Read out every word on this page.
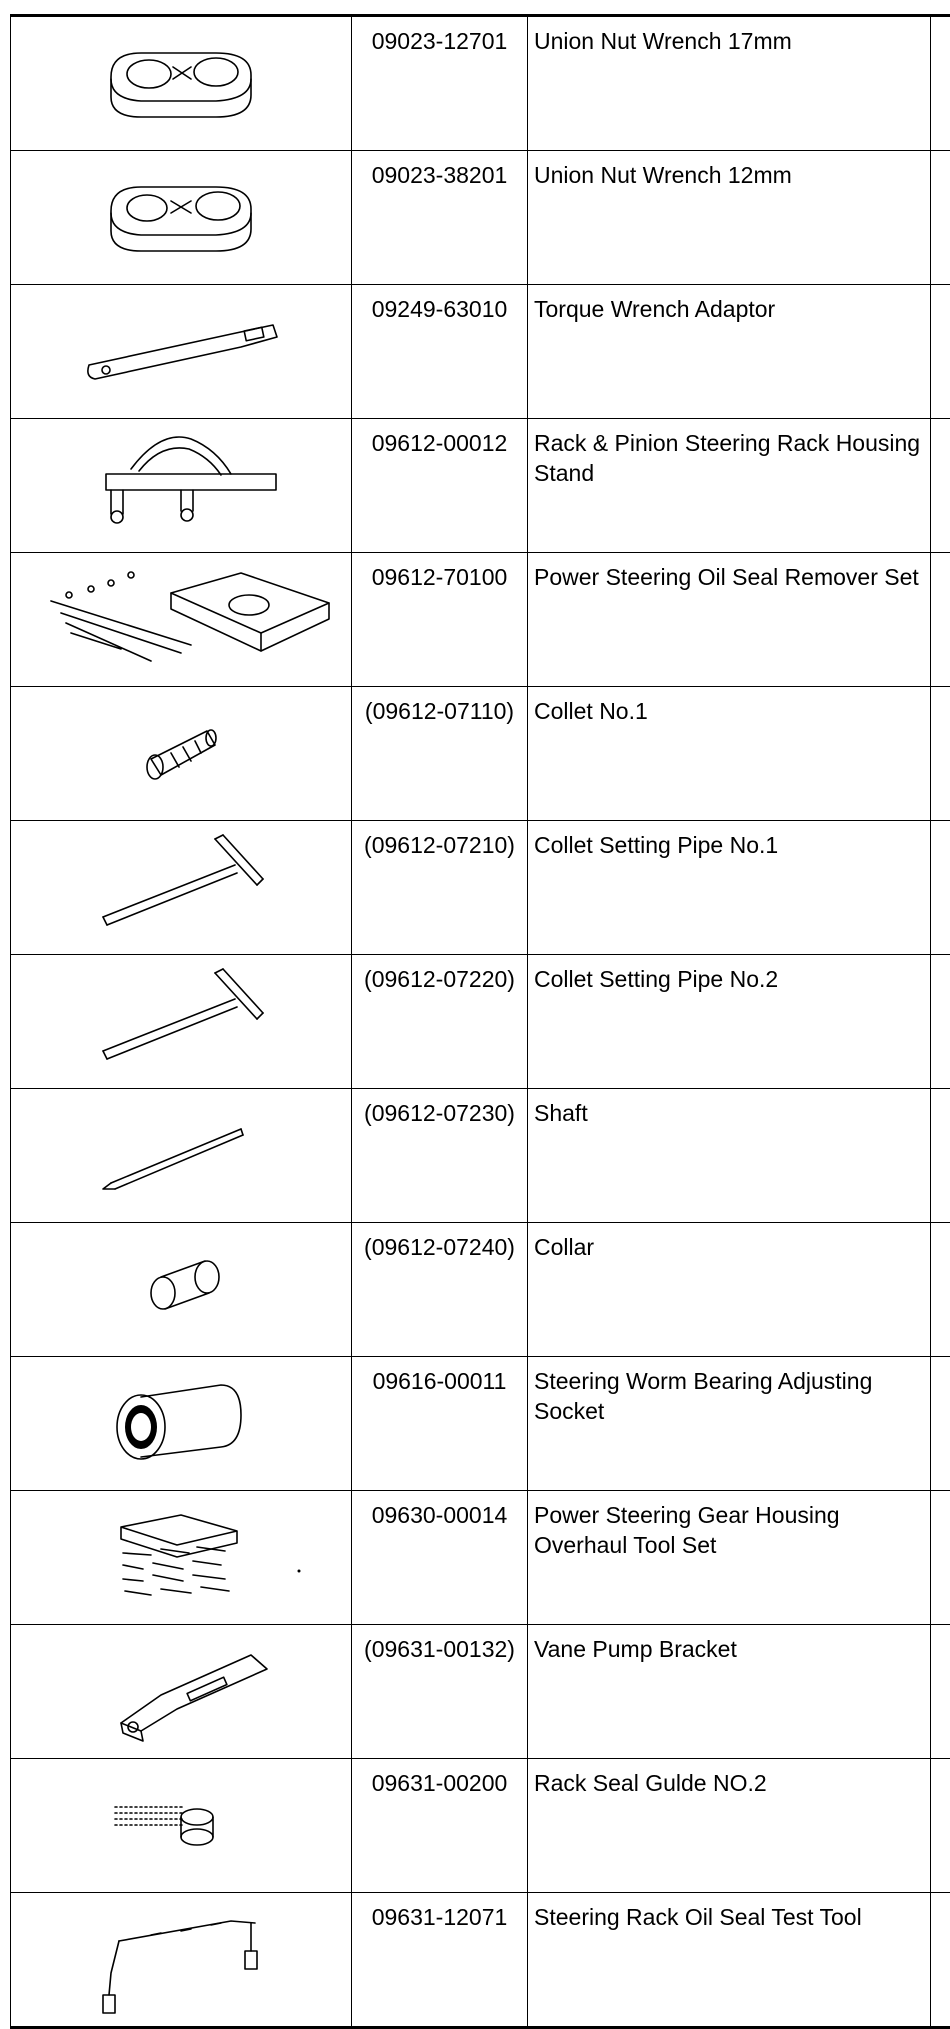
	09023-12701	Union Nut Wrench 17mm	

	09023-38201	Union Nut Wrench 12mm	

	09249-63010	Torque Wrench Adaptor	

	09612-00012	Rack & Pinion Steering Rack Housing Stand	

	09612-70100	Power Steering Oil Seal Remover Set	

	(09612-07110)	Collet No.1	

	(09612-07210)	Collet Setting Pipe No.1	

	(09612-07220)	Collet Setting Pipe No.2	

	(09612-07230)	Shaft	

	(09612-07240)	Collar	

	09616-00011	Steering Worm Bearing Adjusting Socket	

	09630-00014	Power Steering Gear Housing Overhaul Tool Set	

	(09631-00132)	Vane Pump Bracket	

	09631-00200	Rack Seal Gulde NO.2	

	09631-12071	Steering Rack Oil Seal Test Tool	
